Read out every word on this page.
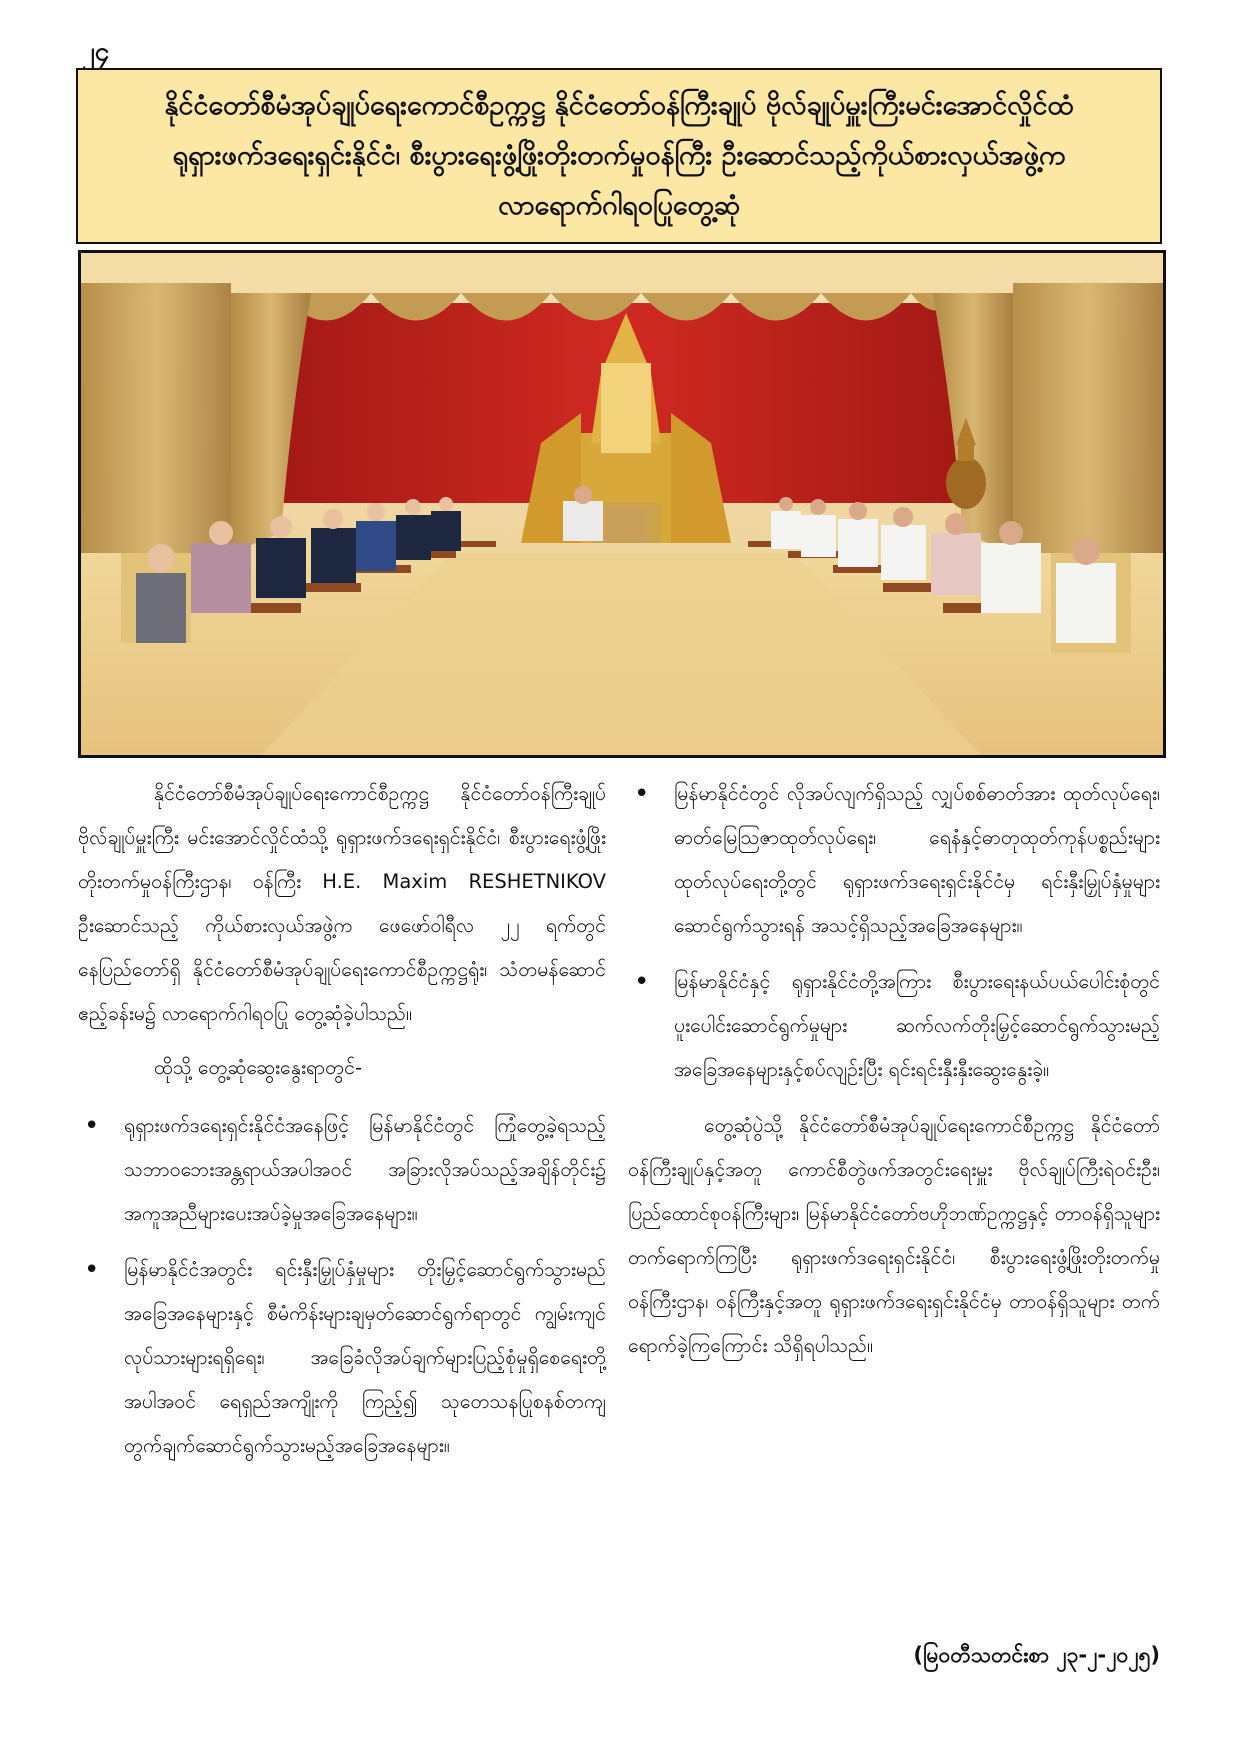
၂၄
နိုင်ငံတော်စီမံအုပ်ချုပ်ရေးကောင်စီဥက္ကဋ္ဌ နိုင်ငံတော်ဝန်ကြီးချုပ် ဗိုလ်ချုပ်မှူးကြီးမင်းအောင်လှိုင်ထံ
ရုရှားဖက်ဒရေးရှင်းနိုင်ငံ၊ စီးပွားရေးဖွံ့ဖြိုးတိုးတက်မှုဝန်ကြီး ဦးဆောင်သည့်ကိုယ်စားလှယ်အဖွဲ့က
လာရောက်ဂါရဝပြုတွေ့ဆုံ

နိုင်ငံတော်စီမံအုပ်ချုပ်ရေးကောင်စီဥက္ကဋ္ဌ နိုင်ငံတော်ဝန်ကြီးချုပ် ဗိုလ်ချုပ်မှူးကြီး မင်းအောင်လှိုင်ထံသို့ ရုရှားဖက်ဒရေးရှင်းနိုင်ငံ၊ စီးပွားရေးဖွံ့ဖြိုးတိုးတက်မှုဝန်ကြီးဌာန၊ ဝန်ကြီး H.E. Maxim RESHETNIKOV ဦးဆောင်သည့် ကိုယ်စားလှယ်အဖွဲ့က ဖေဖော်ဝါရီလ ၂၂ ရက်တွင် နေပြည်တော်ရှိ နိုင်ငံတော်စီမံအုပ်ချုပ်ရေးကောင်စီဥက္ကဋ္ဌရုံး၊ သံတမန်ဆောင်ဧည့်ခန်းမ၌ လာရောက်ဂါရဝပြု တွေ့ဆုံခဲ့ပါသည်။

ထိုသို့ တွေ့ဆုံဆွေးနွေးရာတွင်-

• ရုရှားဖက်ဒရေးရှင်းနိုင်ငံအနေဖြင့် မြန်မာနိုင်ငံတွင် ကြုံတွေ့ခဲ့ရသည့် သဘာဝဘေးအန္တရာယ်အပါအဝင် အခြားလိုအပ်သည့်အချိန်တိုင်း၌ အကူအညီများပေးအပ်ခဲ့မှုအခြေအနေများ။
• မြန်မာနိုင်ငံအတွင်း ရင်းနှီးမြှုပ်နှံမှုများ တိုးမြှင့်ဆောင်ရွက်သွားမည်အခြေအနေများနှင့် စီမံကိန်းများချမှတ်ဆောင်ရွက်ရာတွင် ကျွမ်းကျင်လုပ်သားများရရှိရေး၊ အခြေခံလိုအပ်ချက်များပြည့်စုံမှုရှိစေရေးတို့အပါအဝင် ရေရှည်အကျိုးကို ကြည့်၍ သုတေသနပြုစနစ်တကျတွက်ချက်ဆောင်ရွက်သွားမည့်အခြေအနေများ။
• မြန်မာနိုင်ငံတွင် လိုအပ်လျက်ရှိသည့် လျှပ်စစ်ဓာတ်အား ထုတ်လုပ်ရေး၊ ဓာတ်မြေဩဇာထုတ်လုပ်ရေး၊ ရေနံနှင့်ဓာတုထုတ်ကုန်ပစ္စည်းများထုတ်လုပ်ရေးတို့တွင် ရုရှားဖက်ဒရေးရှင်းနိုင်ငံမှ ရင်းနှီးမြှုပ်နှံမှုများဆောင်ရွက်သွားရန် အသင့်ရှိသည့်အခြေအနေများ။
• မြန်မာနိုင်ငံနှင့် ရုရှားနိုင်ငံတို့အကြား စီးပွားရေးနယ်ပယ်ပေါင်းစုံတွင် ပူးပေါင်းဆောင်ရွက်မှုများ ဆက်လက်တိုးမြှင့်ဆောင်ရွက်သွားမည့်အခြေအနေများနှင့်စပ်လျဉ်းပြီး ရင်းရင်းနှီးနှီးဆွေးနွေးခဲ့။

တွေ့ဆုံပွဲသို့ နိုင်ငံတော်စီမံအုပ်ချုပ်ရေးကောင်စီဥက္ကဋ္ဌ နိုင်ငံတော်ဝန်ကြီးချုပ်နှင့်အတူ ကောင်စီတွဲဖက်အတွင်းရေးမှူး ဗိုလ်ချုပ်ကြီးရဲဝင်းဦး၊ ပြည်ထောင်စုဝန်ကြီးများ၊ မြန်မာနိုင်ငံတော်ဗဟိုဘဏ်ဥက္ကဋ္ဌနှင့် တာဝန်ရှိသူများတက်ရောက်ကြပြီး ရုရှားဖက်ဒရေးရှင်းနိုင်ငံ၊ စီးပွားရေးဖွံ့ဖြိုးတိုးတက်မှုဝန်ကြီးဌာန၊ ဝန်ကြီးနှင့်အတူ ရုရှားဖက်ဒရေးရှင်းနိုင်ငံမှ တာဝန်ရှိသူများ တက်ရောက်ခဲ့ကြကြောင်း သိရှိရပါသည်။

(မြဝတီသတင်းစာ ၂၃-၂-၂၀၂၅)
